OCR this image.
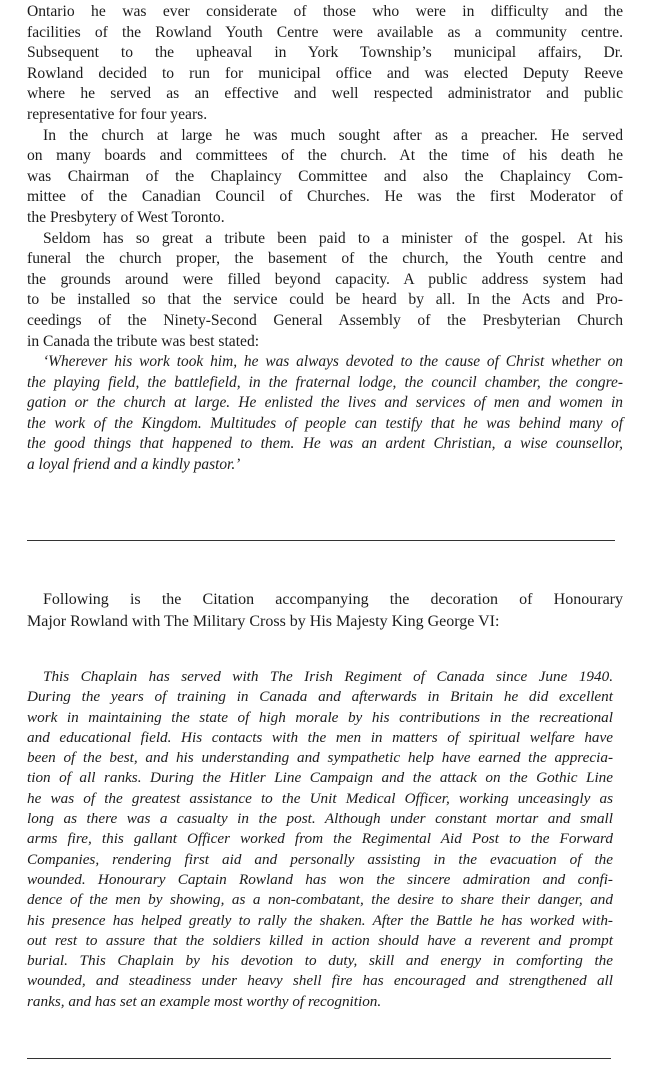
Ontario he was ever considerate of those who were in difficulty and the
facilities of the Rowland Youth Centre were available as a community centre.
Subsequent to the upheaval in York Township’s municipal affairs, Dr.
Rowland decided to run for municipal office and was elected Deputy Reeve
where he served as an effective and well respected administrator and public
representative for four years.
In the church at large he was much sought after as a preacher. He served
on many boards and committees of the church. At the time of his death he
was Chairman of the Chaplaincy Committee and also the Chaplaincy Com-
mittee of the Canadian Council of Churches. He was the first Moderator of
the Presbytery of West Toronto.
Seldom has so great a tribute been paid to a minister of the gospel. At his
funeral the church proper, the basement of the church, the Youth centre and
the grounds around were filled beyond capacity. A public address system had
to be installed so that the service could be heard by all. In the Acts and Pro-
ceedings of the Ninety-Second General Assembly of the Presbyterian Church
in Canada the tribute was best stated:
‘Wherever his work took him, he was always devoted to the cause of Christ whether on
the playing field, the battlefield, in the fraternal lodge, the council chamber, the congre-
gation or the church at large. He enlisted the lives and services of men and women in
the work of the Kingdom. Multitudes of people can testify that he was behind many of
the good things that happened to them. He was an ardent Christian, a wise counsellor,
a loyal friend and a kindly pastor.’
Following is the Citation accompanying the decoration of Honourary
Major Rowland with The Military Cross by His Majesty King George VI:
This Chaplain has served with The Irish Regiment of Canada since June 1940.
During the years of training in Canada and afterwards in Britain he did excellent
work in maintaining the state of high morale by his contributions in the recreational
and educational field. His contacts with the men in matters of spiritual welfare have
been of the best, and his understanding and sympathetic help have earned the apprecia-
tion of all ranks. During the Hitler Line Campaign and the attack on the Gothic Line
he was of the greatest assistance to the Unit Medical Officer, working unceasingly as
long as there was a casualty in the post. Although under constant mortar and small
arms fire, this gallant Officer worked from the Regimental Aid Post to the Forward
Companies, rendering first aid and personally assisting in the evacuation of the
wounded. Honourary Captain Rowland has won the sincere admiration and confi-
dence of the men by showing, as a non-combatant, the desire to share their danger, and
his presence has helped greatly to rally the shaken. After the Battle he has worked with-
out rest to assure that the soldiers killed in action should have a reverent and prompt
burial. This Chaplain by his devotion to duty, skill and energy in comforting the
wounded, and steadiness under heavy shell fire has encouraged and strengthened all
ranks, and has set an example most worthy of recognition.
